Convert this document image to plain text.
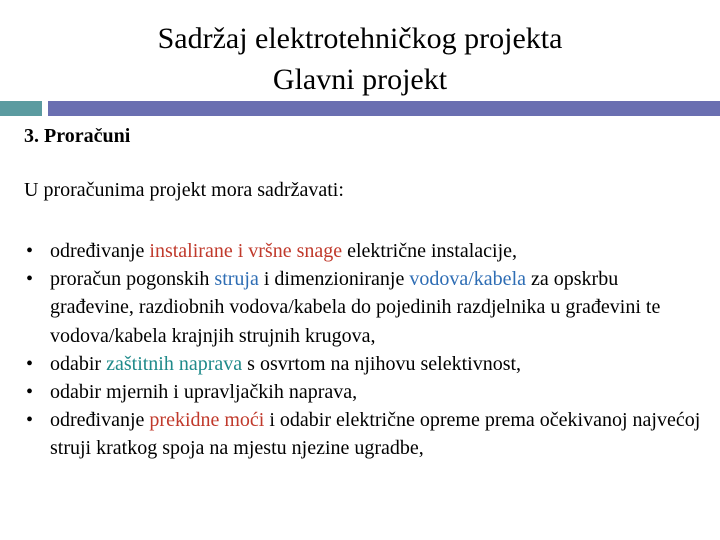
Sadržaj elektrotehničkog projekta
Glavni projekt
3. Proračuni

U proračunima projekt mora sadržavati:

• određivanje instalirane i vršne snage električne instalacije,
• proračun pogonskih struja i dimenzioniranje vodova/kabela za opskrbu građevine, razdiobnih vodova/kabela do pojedinih razdjelnika u građevini te vodova/kabela krajnjih strujnih krugova,
• odabir zaštitnih naprava s osvrtom na njihovu selektivnost,
• odabir mjernih i upravljačkih naprava,
• određivanje prekidne moći i odabir električne opreme prema očekivanoj najvećoj struji kratkog spoja na mjestu njezine ugradbe,
